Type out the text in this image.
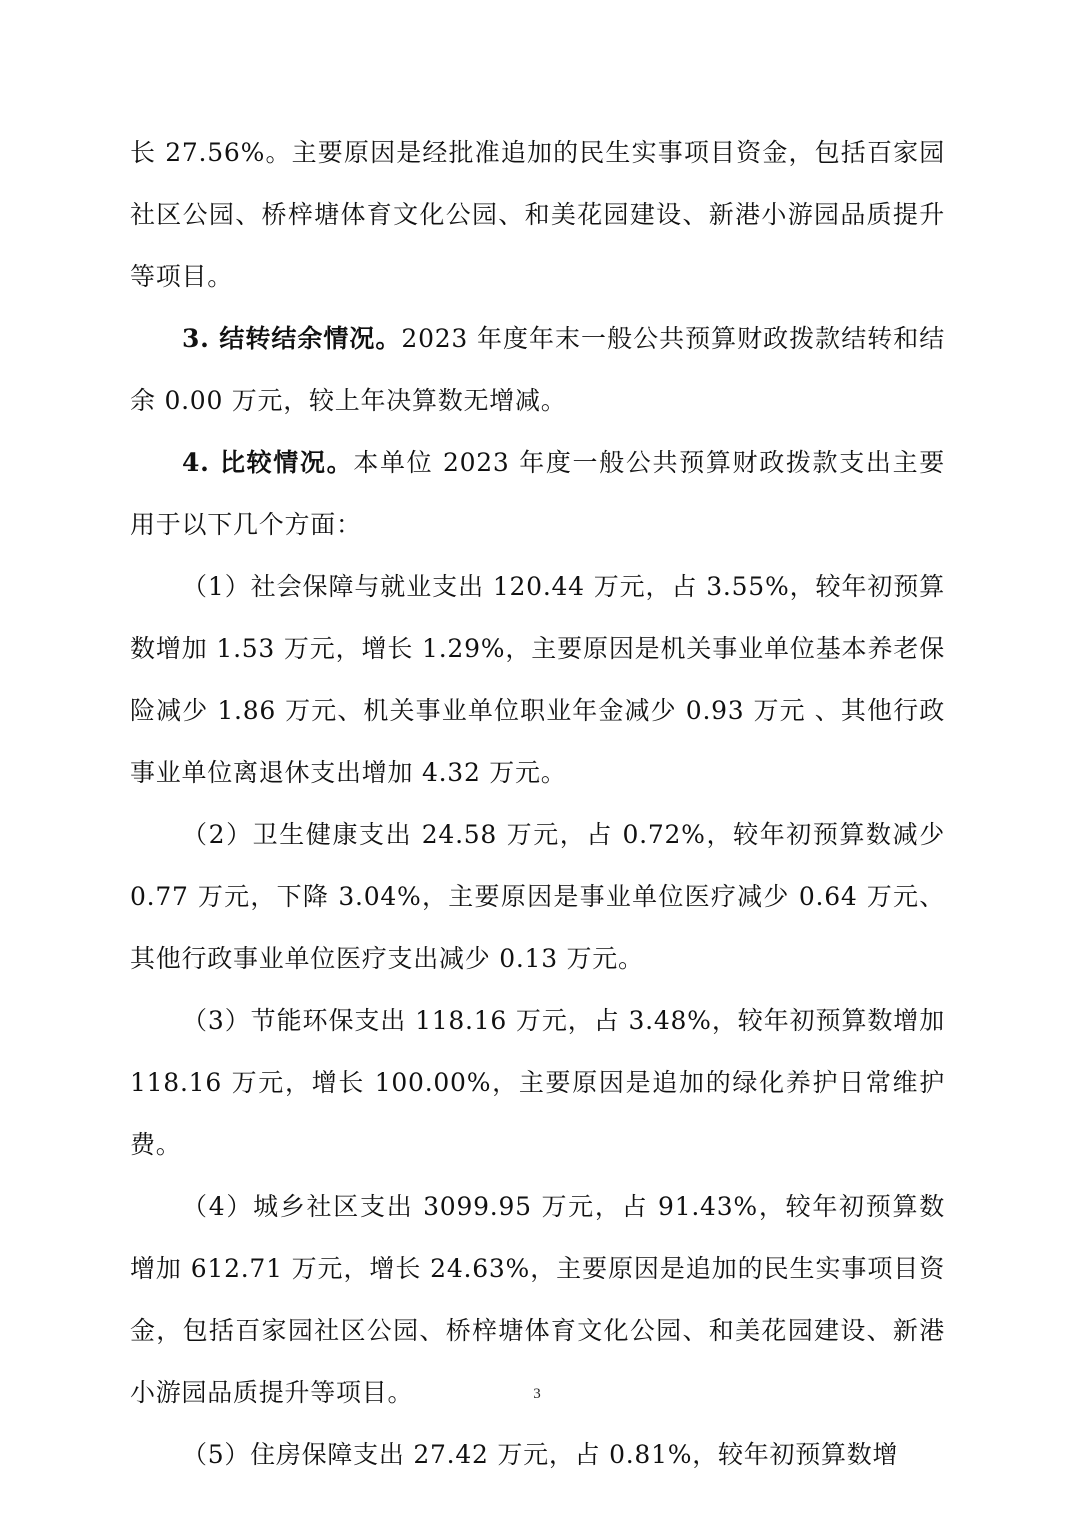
长 27.56%。主要原因是经批准追加的民生实事项目资金，包括百家园社区公园、桥梓塘体育文化公园、和美花园建设、新港小游园品质提升等项目。

3. 结转结余情况。2023 年度年末一般公共预算财政拨款结转和结余 0.00 万元，较上年决算数无增减。

4. 比较情况。本单位 2023 年度一般公共预算财政拨款支出主要用于以下几个方面：

（1）社会保障与就业支出 120.44 万元，占 3.55%，较年初预算数增加 1.53 万元，增长 1.29%，主要原因是机关事业单位基本养老保险减少 1.86 万元、机关事业单位职业年金减少 0.93 万元 、其他行政事业单位离退休支出增加 4.32 万元。

（2）卫生健康支出 24.58 万元，占 0.72%，较年初预算数减少 0.77 万元，下降 3.04%，主要原因是事业单位医疗减少 0.64 万元、其他行政事业单位医疗支出减少 0.13 万元。

（3）节能环保支出 118.16 万元，占 3.48%，较年初预算数增加 118.16 万元，增长 100.00%，主要原因是追加的绿化养护日常维护费。

（4）城乡社区支出 3099.95 万元，占 91.43%，较年初预算数增加 612.71 万元，增长 24.63%，主要原因是追加的民生实事项目资金，包括百家园社区公园、桥梓塘体育文化公园、和美花园建设、新港小游园品质提升等项目。

（5）住房保障支出 27.42 万元，占 0.81%，较年初预算数增

3
